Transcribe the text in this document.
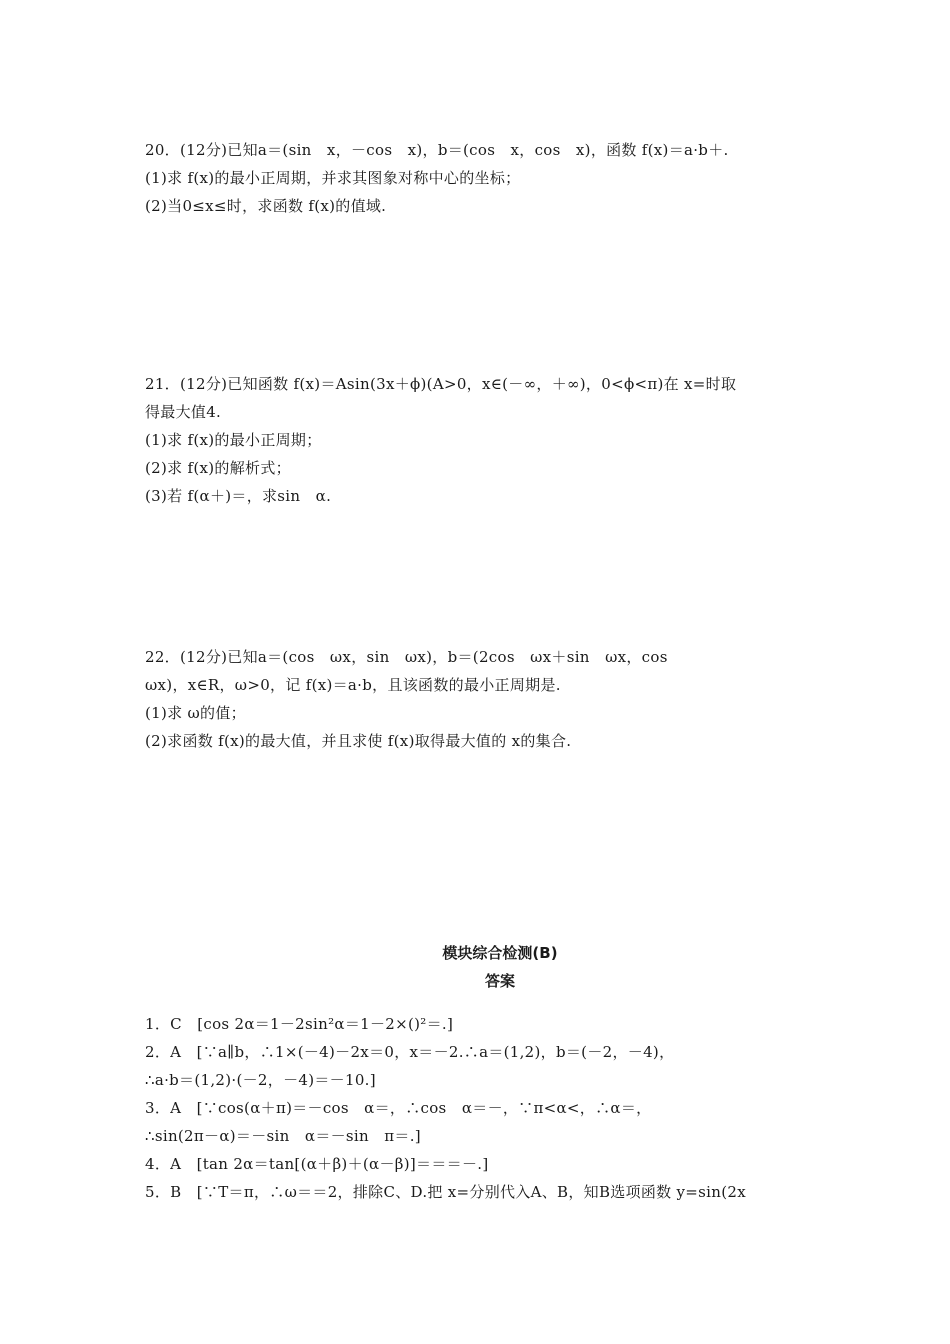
20．(12分)已知a＝(sin　x，－cos　x)，b＝(cos　x，cos　x)，函数 f(x)＝a·b＋.
(1)求 f(x)的最小正周期，并求其图象对称中心的坐标；
(2)当0≤x≤时，求函数 f(x)的值域.
21．(12分)已知函数 f(x)＝Asin(3x＋ϕ)(A>0，x∈(－∞，＋∞)，0<ϕ<π)在 x=时取
得最大值4.
(1)求 f(x)的最小正周期；
(2)求 f(x)的解析式；
(3)若 f(α＋)＝，求sin　α.
22．(12分)已知a＝(cos　ωx，sin　ωx)，b＝(2cos　ωx＋sin　ωx，cos
ωx)，x∈R，ω>0，记 f(x)＝a·b，且该函数的最小正周期是.
(1)求 ω的值；
(2)求函数 f(x)的最大值，并且求使 f(x)取得最大值的 x的集合.
模块综合检测(B)
答案
1．C　[cos 2α＝1－2sin²α＝1－2×()²＝.]
2．A　[∵a∥b，∴1×(－4)－2x＝0，x＝－2.∴a＝(1,2)，b＝(－2，－4)，
∴a·b＝(1,2)·(－2，－4)＝－10.]
3．A　[∵cos(α＋π)＝－cos　α＝，∴cos　α＝－，∵π<α<，∴α＝，
∴sin(2π－α)＝－sin　α＝－sin　π＝.]
4．A　[tan 2α＝tan[(α＋β)＋(α－β)]＝＝＝－.]
5．B　[∵T＝π，∴ω＝＝2，排除C、D.把 x=分别代入A、B，知B选项函数 y=sin(2x
